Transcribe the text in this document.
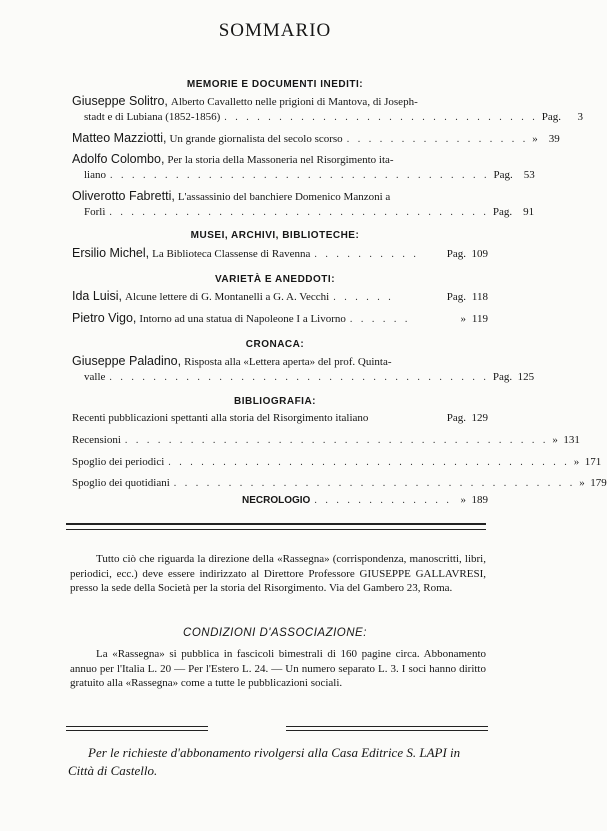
SOMMARIO
MEMORIE E DOCUMENTI INEDITI:
Giuseppe Solitro, Alberto Cavalletto nelle prigioni di Mantova, di Joseph-
stadt e di Lubiana (1852-1856) . . . . . . . . . . . . . . . . . . . . . . . . . . . . . Pag. 3
Matteo Mazziotti, Un grande giornalista del secolo scorso . . . . . . . . . . . . . . . . . » 39
Adolfo Colombo, Per la storia della Massoneria nel Risorgimento ita-
liano . . . . . . . . . . . . . . . . . . . . . . . . . . . . . . . . . . . Pag. 53
Oliverotto Fabretti, L'assassinio del banchiere Domenico Manzoni a
Forlì . . . . . . . . . . . . . . . . . . . . . . . . . . . . . . . . . . . Pag. 91
MUSEI, ARCHIVI, BIBLIOTECHE:
Ersilio Michel, La Biblioteca Classense di Ravenna . . . . . . . . . .	Pag. 109
VARIETÀ E ANEDDOTI:
Ida Luisi, Alcune lettere di G. Montanelli a G. A. Vecchi . . . . . .	Pag. 118
Pietro Vigo, Intorno ad una statua di Napoleone I a Livorno . . . . . .	» 119
CRONACA:
Giuseppe Paladino, Risposta alla «Lettera aperta» del prof. Quinta-
valle . . . . . . . . . . . . . . . . . . . . . . . . . . . . . . . . . . . Pag. 125
BIBLIOGRAFIA:
Recenti pubblicazioni spettanti alla storia del Risorgimento italiano	Pag. 129
Recensioni . . . . . . . . . . . . . . . . . . . . . . . . . . . . . . . . . . . . . . . » 131
Spoglio dei periodici . . . . . . . . . . . . . . . . . . . . . . . . . . . . . . . . . . . . . » 171
Spoglio dei quotidiani . . . . . . . . . . . . . . . . . . . . . . . . . . . . . . . . . . . . . » 179
NECROLOGIO . . . . . . . . . . . . . » 189
Tutto ciò che riguarda la direzione della «Rassegna» (corrispondenza, manoscritti, libri, periodici, ecc.) deve essere indirizzato al Direttore Professore GIUSEPPE GALLAVRESI, presso la sede della Società per la storia del Risorgimento. Via del Gambero 23, Roma.
CONDIZIONI D'ASSOCIAZIONE:
La «Rassegna» si pubblica in fascicoli bimestrali di 160 pagine circa. Abbonamento annuo per l'Italia L. 20 — Per l'Estero L. 24. — Un numero separato L. 3. I soci hanno diritto gratuito alla «Rassegna» come a tutte le pubblicazioni sociali.
Per le richieste d'abbonamento rivolgersi alla Casa Editrice S. LAPI in Città di Castello.
